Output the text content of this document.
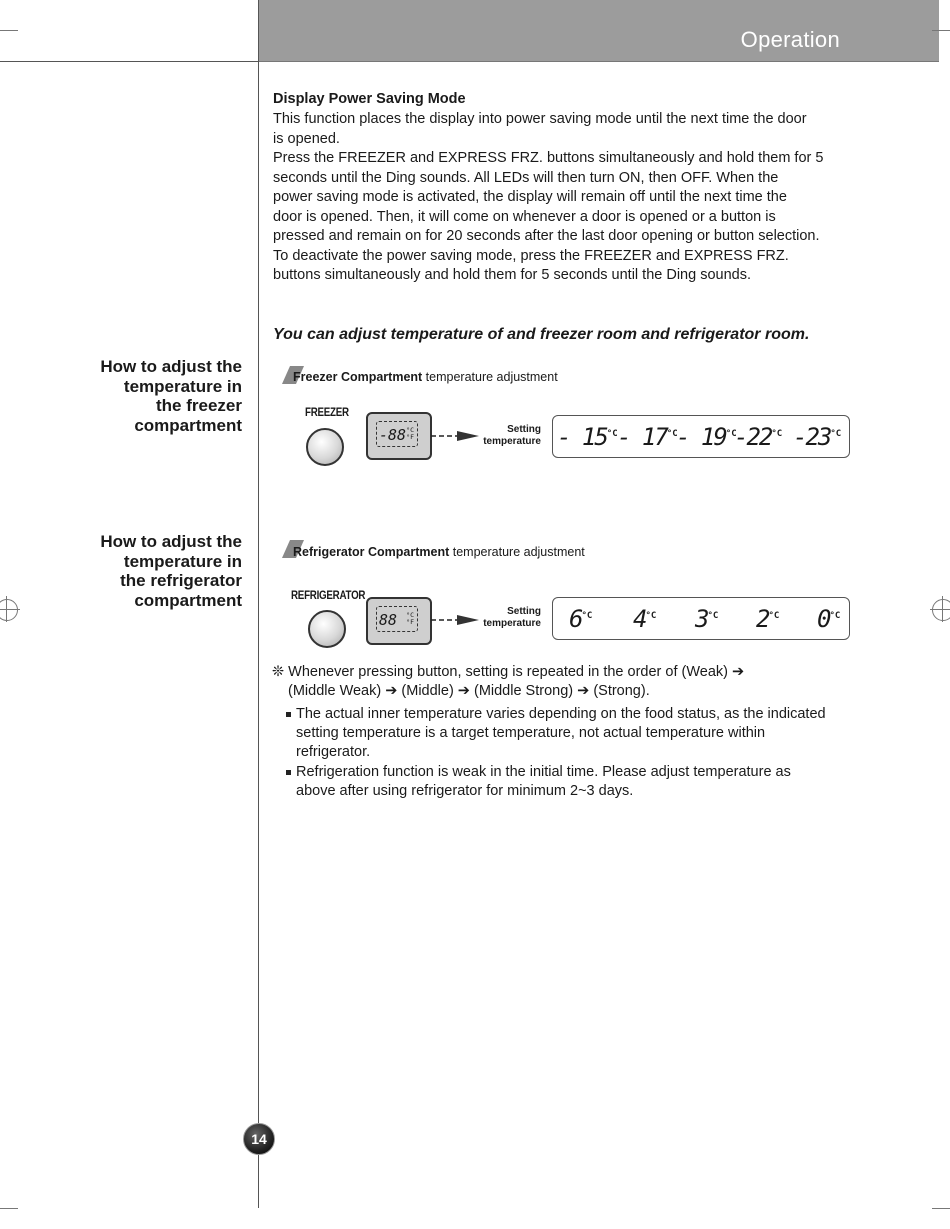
Operation
Display Power Saving Mode
This function places the display into power saving mode until the next time the door
is opened.
Press the FREEZER and EXPRESS FRZ. buttons simultaneously and hold them for 5
seconds until the Ding sounds. All LEDs will then turn ON, then OFF. When the
power saving mode is activated, the display will remain off until the next time the
door is opened. Then, it will come on whenever a door is opened or a button is
pressed and remain on for 20 seconds after the last door opening or button selection.
To deactivate the power saving mode, press the FREEZER and EXPRESS FRZ.
buttons simultaneously and hold them for 5 seconds until the Ding sounds.
You can adjust temperature of and freezer room and refrigerator room.
How to adjust the
temperature in
the freezer
compartment
Freezer Compartment temperature adjustment
FREEZER
-88 °C
°F
Setting
temperature - $15^{^\circ C} - 17^{^\circ C}$
- $19^{^\circ C}$
$-22^{^\circ C}$ $-23^{^\circ C}$
How to adjust the
temperature in
the refrigerator
compartment
Refrigerator Compartment temperature adjustment
REFRIGERATOR
88 °C
°F
Setting
temperature $6^{^\circ C}$ $4^{^\circ C}$ $3^{^\circ C}$ $2^{^\circ C}$ $0^{^\circ C}$
❊ Whenever pressing button, setting is repeated in the order of (Weak) ➔
(Middle Weak) ➔ (Middle) ➔ (Middle Strong) ➔ (Strong).
The actual inner temperature varies depending on the food status, as the indicated setting temperature is a target temperature, not actual temperature within refrigerator.
Refrigeration function is weak in the initial time. Please adjust temperature as above after using refrigerator for minimum 2~3 days.
14
